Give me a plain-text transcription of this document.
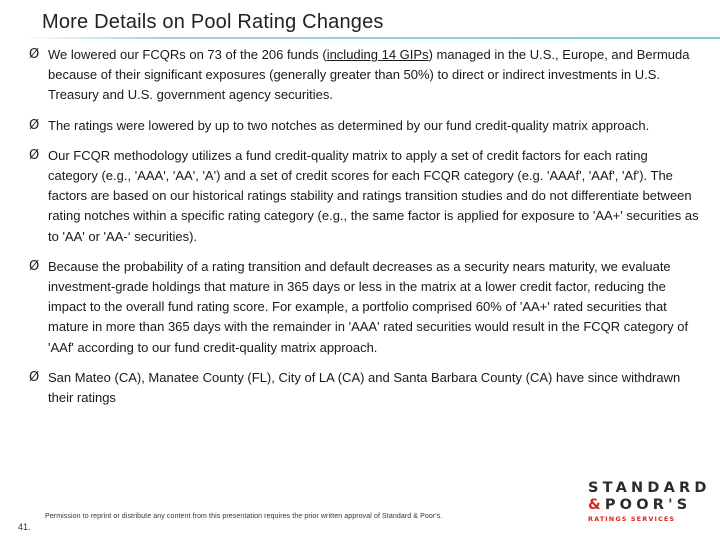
More Details on Pool Rating Changes
Ø We lowered our FCQRs on 73 of the 206 funds (including 14 GIPs) managed in the U.S., Europe, and Bermuda because of their significant exposures (generally greater than 50%) to direct or indirect investments in U.S. Treasury and U.S. government agency securities.
Ø The ratings were lowered by up to two notches as determined by our fund credit-quality matrix approach.
Ø Our FCQR methodology utilizes a fund credit-quality matrix to apply a set of credit factors for each rating category (e.g., 'AAA', 'AA', 'A') and a set of credit scores for each FCQR category (e.g. 'AAAf', 'AAf', 'Af'). The factors are based on our historical ratings stability and ratings transition studies and do not differentiate between rating notches within a specific rating category (e.g., the same factor is applied for exposure to 'AA+' securities as to 'AA' or 'AA-‘ securities).
Ø Because the probability of a rating transition and default decreases as a security nears maturity, we evaluate investment-grade holdings that mature in 365 days or less in the matrix at a lower credit factor, reducing the impact to the overall fund rating score. For example, a portfolio comprised 60% of 'AA+' rated securities that mature in more than 365 days with the remainder in 'AAA' rated securities would result in the FCQR category of 'AAf' according to our fund credit-quality matrix approach.
Ø San Mateo (CA), Manatee County (FL), City of LA (CA) and Santa Barbara County (CA) have since withdrawn their ratings
Permission to reprint or distribute any content from this presentation requires the prior written approval of Standard & Poor's.
41.
STANDARD
&POOR'S
RATINGS SERVICES
